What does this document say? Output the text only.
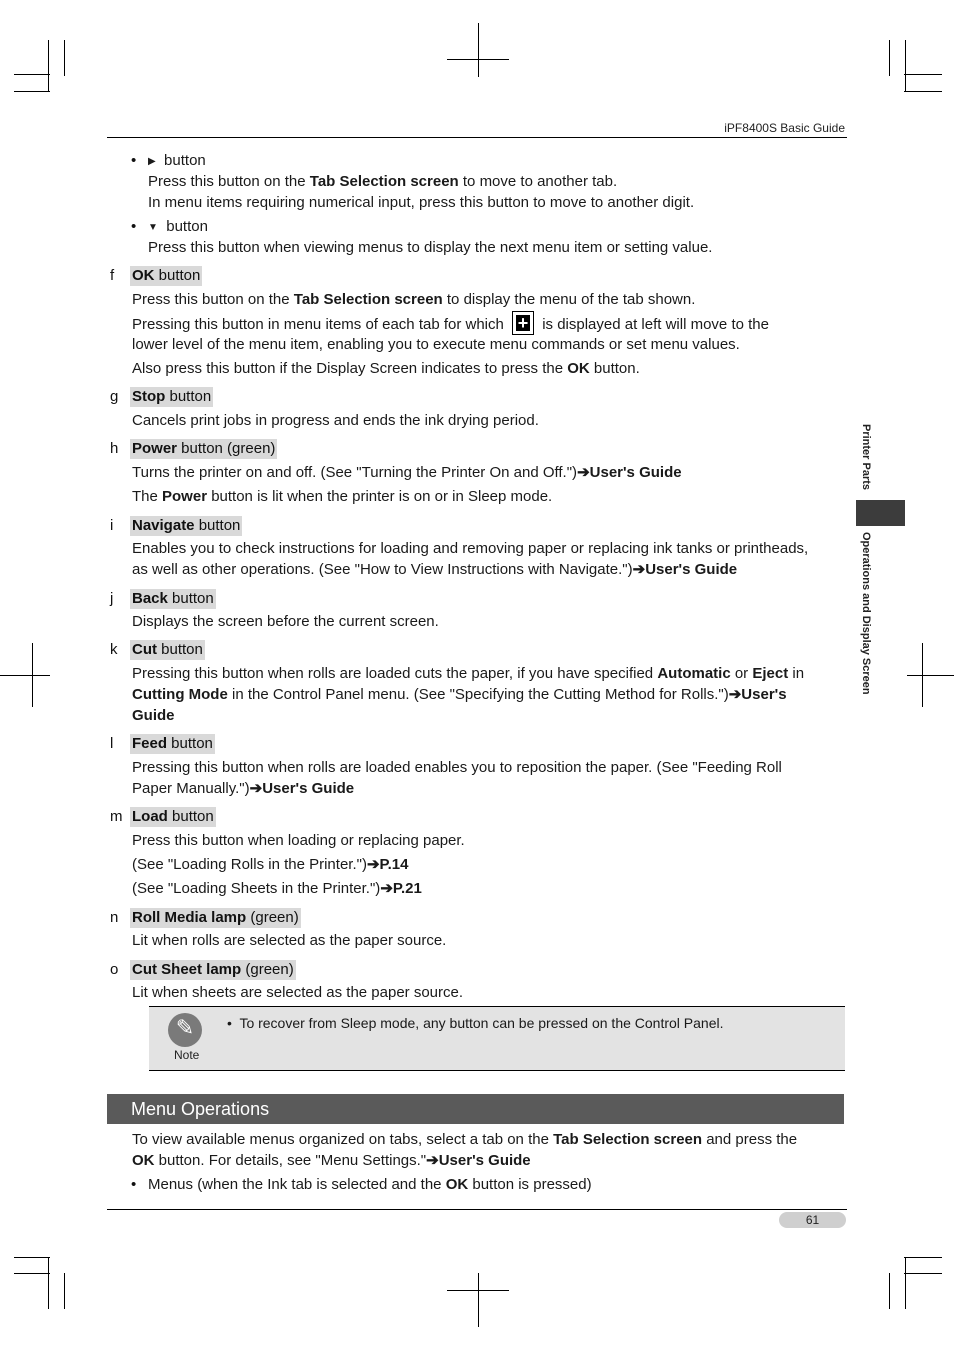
iPF8400S Basic Guide
Printer Parts
Operations and Display Screen
• ▶ button
Press this button on the Tab Selection screen to move to another tab.
In menu items requiring numerical input, press this button to move to another digit.
• ▼ button
Press this button when viewing menus to display the next menu item or setting value.
f OK button
Press this button on the Tab Selection screen to display the menu of the tab shown.
Pressing this button in menu items of each tab for which + is displayed at left will move to the
lower level of the menu item, enabling you to execute menu commands or set menu values.
Also press this button if the Display Screen indicates to press the OK button.
g Stop button
Cancels print jobs in progress and ends the ink drying period.
h Power button (green)
Turns the printer on and off. (See "Turning the Printer On and Off.")➔User's Guide
The Power button is lit when the printer is on or in Sleep mode.
i Navigate button
Enables you to check instructions for loading and removing paper or replacing ink tanks or printheads,
as well as other operations. (See "How to View Instructions with Navigate.")➔User's Guide
j Back button
Displays the screen before the current screen.
k Cut button
Pressing this button when rolls are loaded cuts the paper, if you have specified Automatic or Eject in
Cutting Mode in the Control Panel menu. (See "Specifying the Cutting Method for Rolls.")➔User's
Guide
l Feed button
Pressing this button when rolls are loaded enables you to reposition the paper. (See "Feeding Roll
Paper Manually.")➔User's Guide
m Load button
Press this button when loading or replacing paper.
(See "Loading Rolls in the Printer.")➔P.14
(See "Loading Sheets in the Printer.")➔P.21
n Roll Media lamp (green)
Lit when rolls are selected as the paper source.
o Cut Sheet lamp (green)
Lit when sheets are selected as the paper source.
✎
Note
•  To recover from Sleep mode, any button can be pressed on the Control Panel.
Menu Operations
To view available menus organized on tabs, select a tab on the Tab Selection screen and press the
OK button. For details, see "Menu Settings."➔User's Guide
• Menus (when the Ink tab is selected and the OK button is pressed)
61
